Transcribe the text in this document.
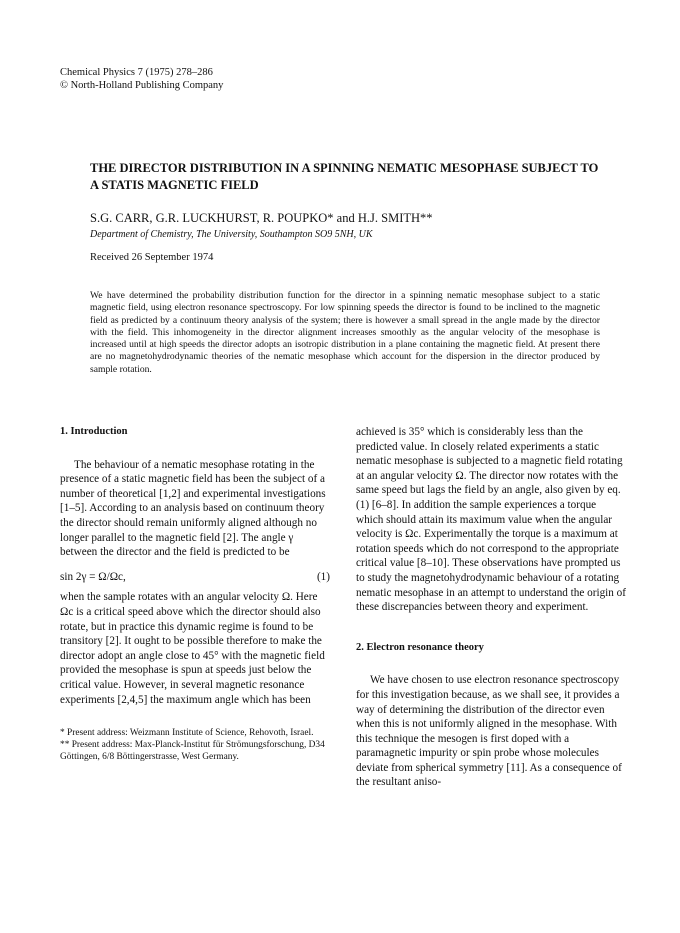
Chemical Physics 7 (1975) 278–286
© North-Holland Publishing Company
THE DIRECTOR DISTRIBUTION IN A SPINNING NEMATIC MESOPHASE SUBJECT TO
A STATIS MAGNETIC FIELD
S.G. CARR, G.R. LUCKHURST, R. POUPKO* and H.J. SMITH**
Department of Chemistry, The University, Southampton SO9 5NH, UK
Received 26 September 1974

We have determined the probability distribution function for the director in a spinning nematic mesophase subject to a static magnetic field, using electron resonance spectroscopy. For low spinning speeds the director is found to be inclined to the magnetic field as predicted by a continuum theory analysis of the system; there is however a small spread in the angle made by the director with the field. This inhomogeneity in the director alignment increases smoothly as the angular velocity of the mesophase is increased until at high speeds the director adopts an isotropic distribution in a plane containing the magnetic field. At present there are no magnetohydrodynamic theories of the nematic mesophase which account for the dispersion in the director produced by sample rotation.

1. Introduction

The behaviour of a nematic mesophase rotating in the presence of a static magnetic field has been the subject of a number of theoretical [1,2] and experimental investigations [1–5]. According to an analysis based on continuum theory the director should remain uniformly aligned although no longer parallel to the magnetic field [2]. The angle γ between the director and the field is predicted to be

sin 2γ = Ω/Ωc,	(1)

when the sample rotates with an angular velocity Ω. Here Ωc is a critical speed above which the director should also rotate, but in practice this dynamic regime is found to be transitory [2]. It ought to be possible therefore to make the director adopt an angle close to 45° with the magnetic field provided the mesophase is spun at speeds just below the critical value. However, in several magnetic resonance experiments [2,4,5] the maximum angle which has been

* Present address: Weizmann Institute of Science, Rehovoth, Israel.

** Present address: Max-Planck-Institut für Strömungsforschung, D34 Göttingen, 6/8 Böttingerstrasse, West Germany.

achieved is 35° which is considerably less than the predicted value. In closely related experiments a static nematic mesophase is subjected to a magnetic field rotating at an angular velocity Ω. The director now rotates with the same speed but lags the field by an angle, also given by eq. (1) [6–8]. In addition the sample experiences a torque which should attain its maximum value when the angular velocity is Ωc. Experimentally the torque is a maximum at rotation speeds which do not correspond to the appropriate critical value [8–10]. These observations have prompted us to study the magnetohydrodynamic behaviour of a rotating nematic mesophase in an attempt to understand the origin of these discrepancies between theory and experiment.

2. Electron resonance theory

We have chosen to use electron resonance spectroscopy for this investigation because, as we shall see, it provides a way of determining the distribution of the director even when this is not uniformly aligned in the mesophase. With this technique the mesogen is first doped with a paramagnetic impurity or spin probe whose molecules deviate from spherical symmetry [11]. As a consequence of the resultant aniso-
